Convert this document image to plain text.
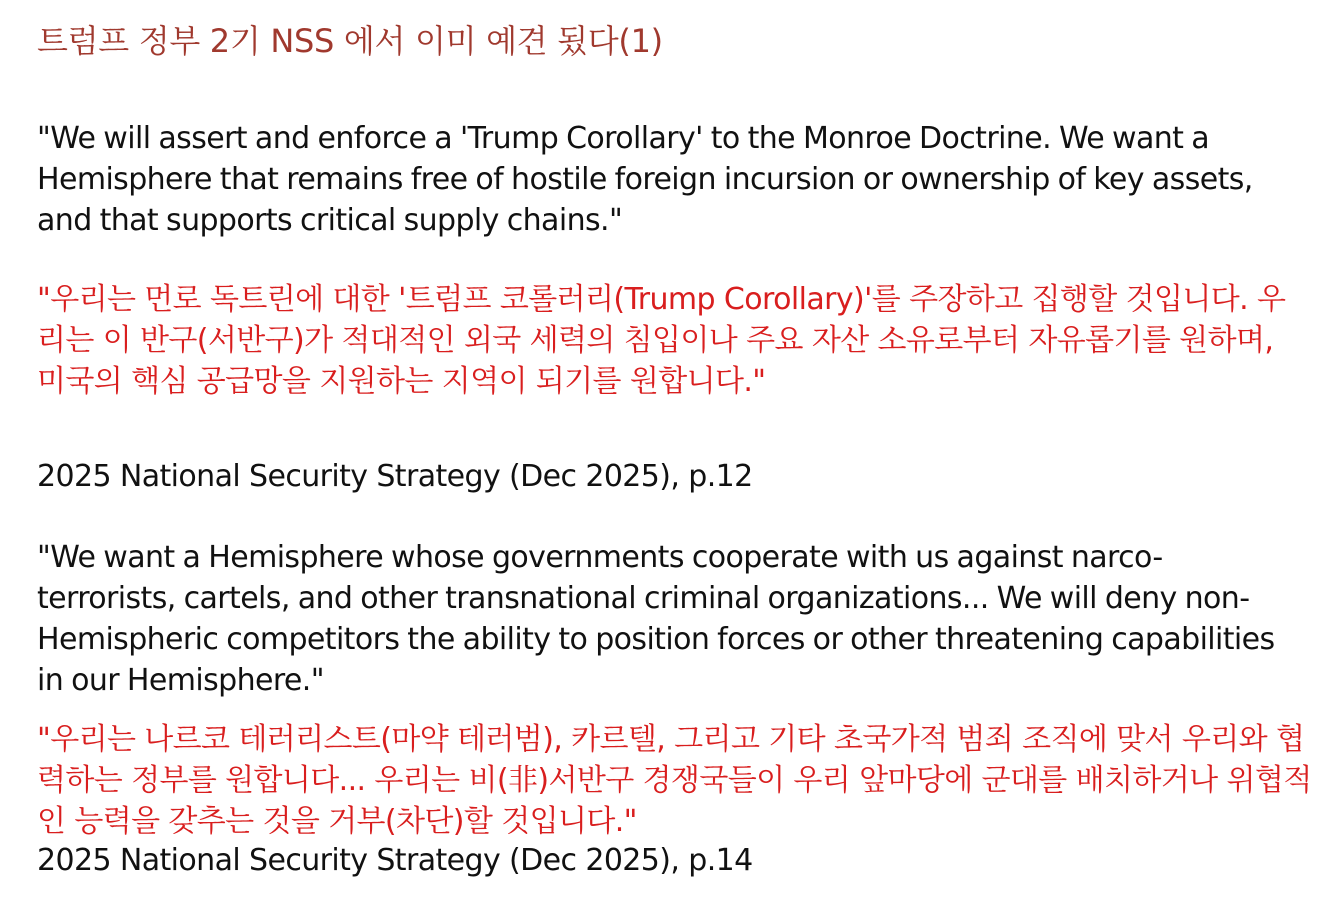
트럼프 정부 2기 NSS 에서 이미 예견 됬다(1)

"We will assert and enforce a 'Trump Corollary' to the Monroe Doctrine. We want a Hemisphere that remains free of hostile foreign incursion or ownership of key assets, and that supports critical supply chains."

"우리는 먼로 독트린에 대한 '트럼프 코롤러리(Trump Corollary)'를 주장하고 집행할 것입니다. 우리는 이 반구(서반구)가 적대적인 외국 세력의 침입이나 주요 자산 소유로부터 자유롭기를 원하며, 미국의 핵심 공급망을 지원하는 지역이 되기를 원합니다."

2025 National Security Strategy (Dec 2025), p.12

"We want a Hemisphere whose governments cooperate with us against narco-terrorists, cartels, and other transnational criminal organizations... We will deny non-Hemispheric competitors the ability to position forces or other threatening capabilities in our Hemisphere."

"우리는 나르코 테러리스트(마약 테러범), 카르텔, 그리고 기타 초국가적 범죄 조직에 맞서 우리와 협력하는 정부를 원합니다... 우리는 비(非)서반구 경쟁국들이 우리 앞마당에 군대를 배치하거나 위협적인 능력을 갖추는 것을 거부(차단)할 것입니다."

2025 National Security Strategy (Dec 2025), p.14
